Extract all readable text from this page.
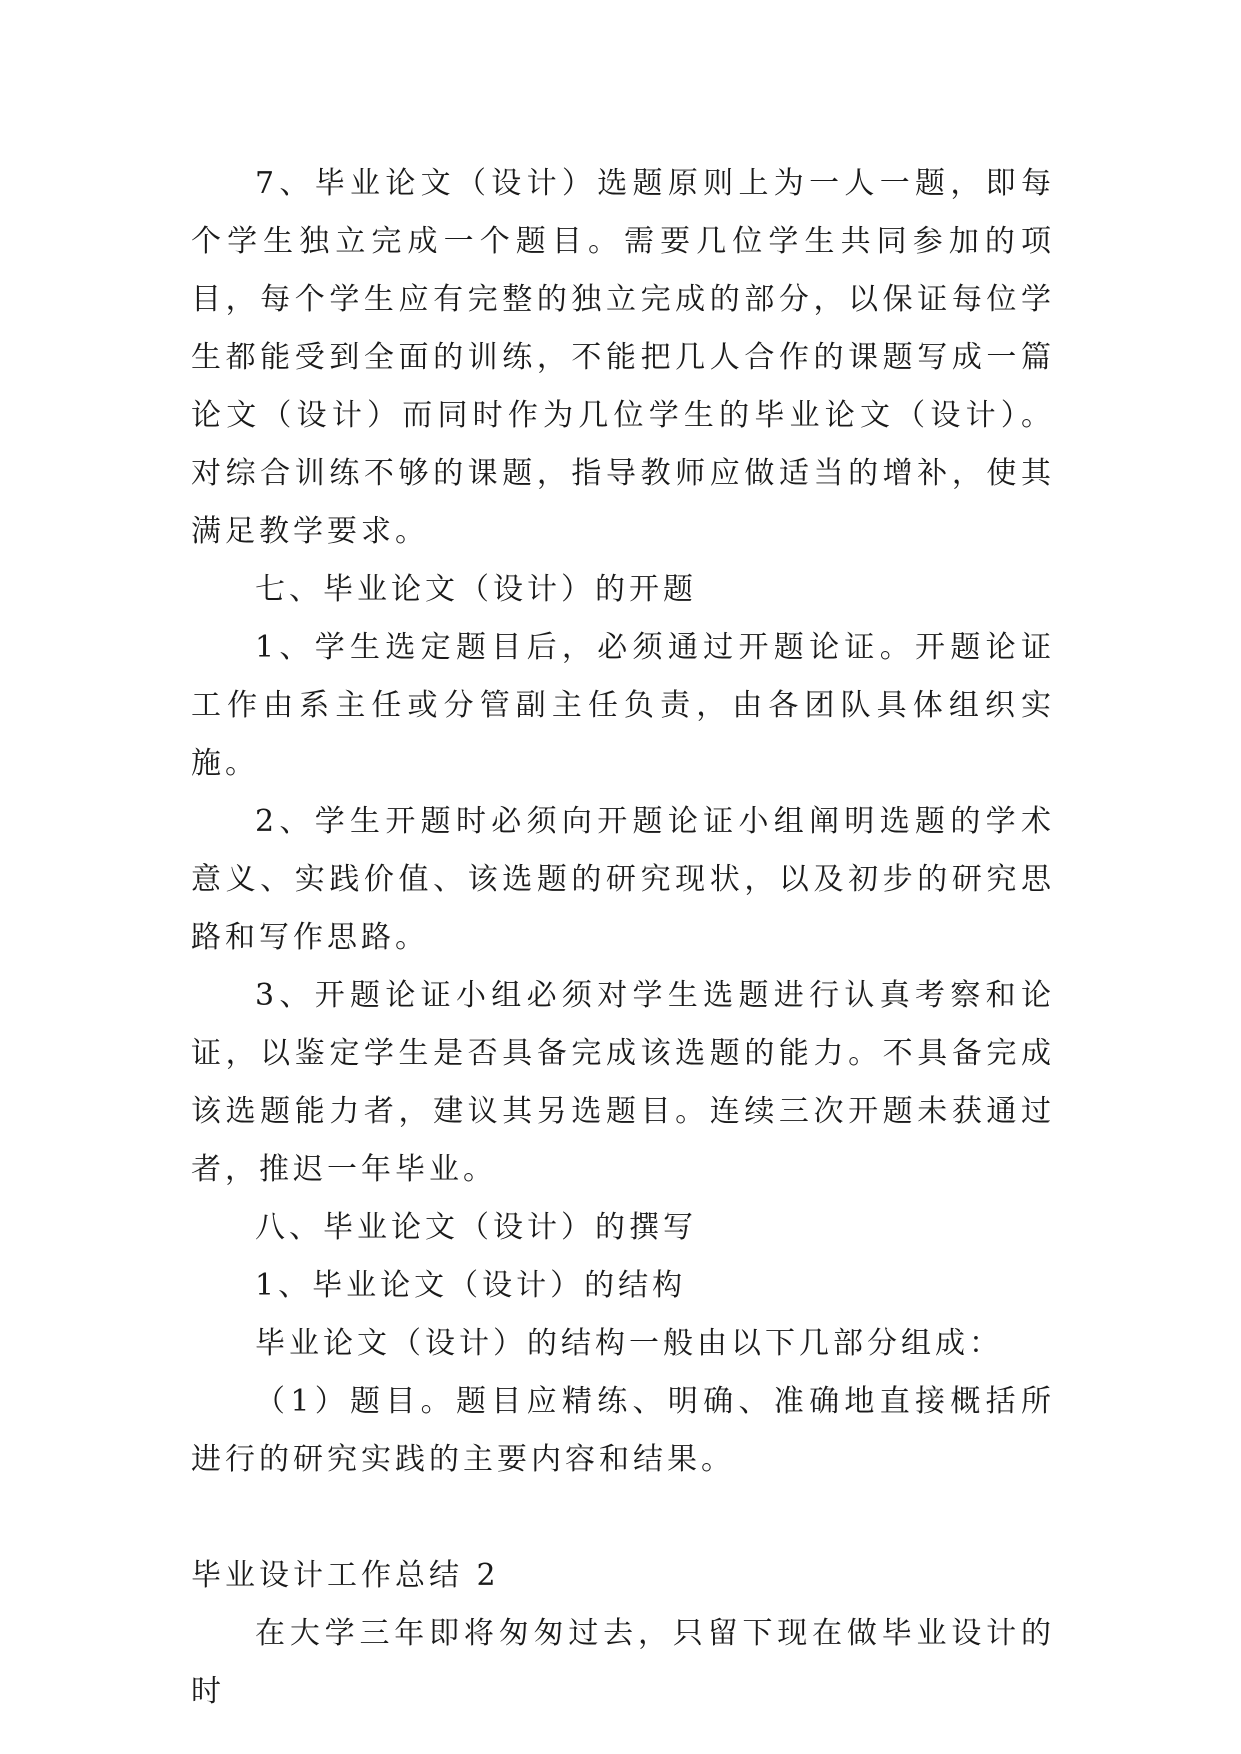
7、毕业论文（设计）选题原则上为一人一题，即每个学生独立完成一个题目。需要几位学生共同参加的项目，每个学生应有完整的独立完成的部分，以保证每位学生都能受到全面的训练，不能把几人合作的课题写成一篇论文（设计）而同时作为几位学生的毕业论文（设计）。对综合训练不够的课题，指导教师应做适当的增补，使其满足教学要求。

七、毕业论文（设计）的开题

1、学生选定题目后，必须通过开题论证。开题论证工作由系主任或分管副主任负责，由各团队具体组织实施。

2、学生开题时必须向开题论证小组阐明选题的学术意义、实践价值、该选题的研究现状，以及初步的研究思路和写作思路。

3、开题论证小组必须对学生选题进行认真考察和论证，以鉴定学生是否具备完成该选题的能力。不具备完成该选题能力者，建议其另选题目。连续三次开题未获通过者，推迟一年毕业。

八、毕业论文（设计）的撰写

1、毕业论文（设计）的结构

毕业论文（设计）的结构一般由以下几部分组成：

（1）题目。题目应精练、明确、准确地直接概括所进行的研究实践的主要内容和结果。

毕业设计工作总结 2

在大学三年即将匆匆过去，只留下现在做毕业设计的时
